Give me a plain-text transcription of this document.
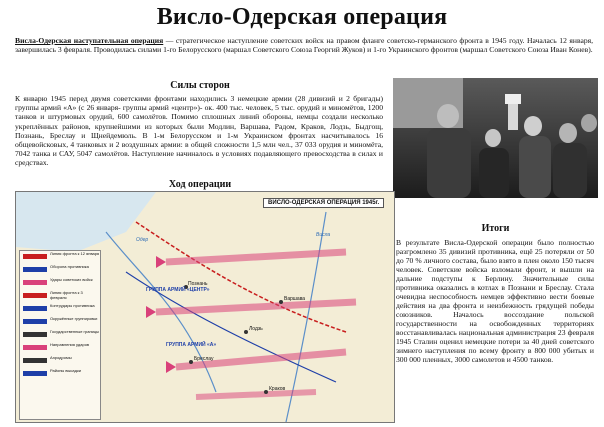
Висло-Одерская операция
Висла-Одерская наступательная операция — стратегическое наступление советских войск на правом фланге советско-германского фронта в 1945 году. Началась 12 января, завершилась 3 февраля. Проводилась силами 1-го Белорусского (маршал Советского Союза Георгий Жуков) и 1-го Украинского фронтов (маршал Советского Союза Иван Конев).
Силы сторон
К январю 1945 перед двумя советскими фронтами находились 3 немецкие армии (28 дивизий и 2 бригады) группы армий «А» (с 26 января- группы армий «центр»)- ок. 400 тыс. человек, 5 тыс. орудий и миномётов, 1200 танков и штурмовых орудий, 600 самолётов. Помимо сплошных линий обороны, немцы создали несколько укреплённых районов, крупнейшими из которых были Модлин, Варшава, Радом, Краков, Лодзь, Быдгощ, Познань, Бреслау и Щнейдемюль. В 1-м Белорусском и 1-м Украинском фронтах насчитывалось 16 общевойсковых, 4 танковых и 2 воздушных армии: в общей сложности 1,5 млн чел., 37 033 орудия и миномёта, 7042 танка и САУ, 5047 самолётов. Наступление начиналось в условиях подавляющего превосходства в силах и средствах.
Итоги
В результате Висла-Одерской операции было полностью разгромлено 35 дивизий противника, ещё 25 потеряли от 50 до 70 % личного состава, было взято в плен около 150 тысяч человек. Советские войска взломали фронт, и вышли на дальние подступы к Берлину. Значительные силы противника оказались в котлах в Познани и Бреслау. Стала очевидна неспособность немцев эффективно вести боевые действия на два фронта и неизбежность грядущей победы союзников. Началось воссоздание польской государственности на освобожденных территориях восстанавливалась национальная администрация 23 февраля 1945 Сталин оценил немецкие потери за 40 дней советского зимнего наступления по всему фронту в 800 000 убитых и 300 000 пленных, 3000 самолетов и 4500 танков.
Ход операции
ВИСЛО-ОДЕРСКАЯ ОПЕРАЦИЯ 1945г.
ГРУППА АРМИЙ «А»
ГРУППА АРМИЙ «ЦЕНТР»
Варшава
Познань
Лодзь
Краков
Бреслау
Одер
Висла
Линия фронта к 12 января
Оборона противника
Удары советских войск
Линия фронта к 3 февраля
Контрудары противника
Окружённые группировки
Государственные границы
Направления ударов
Аэродромы
Районы высадки
